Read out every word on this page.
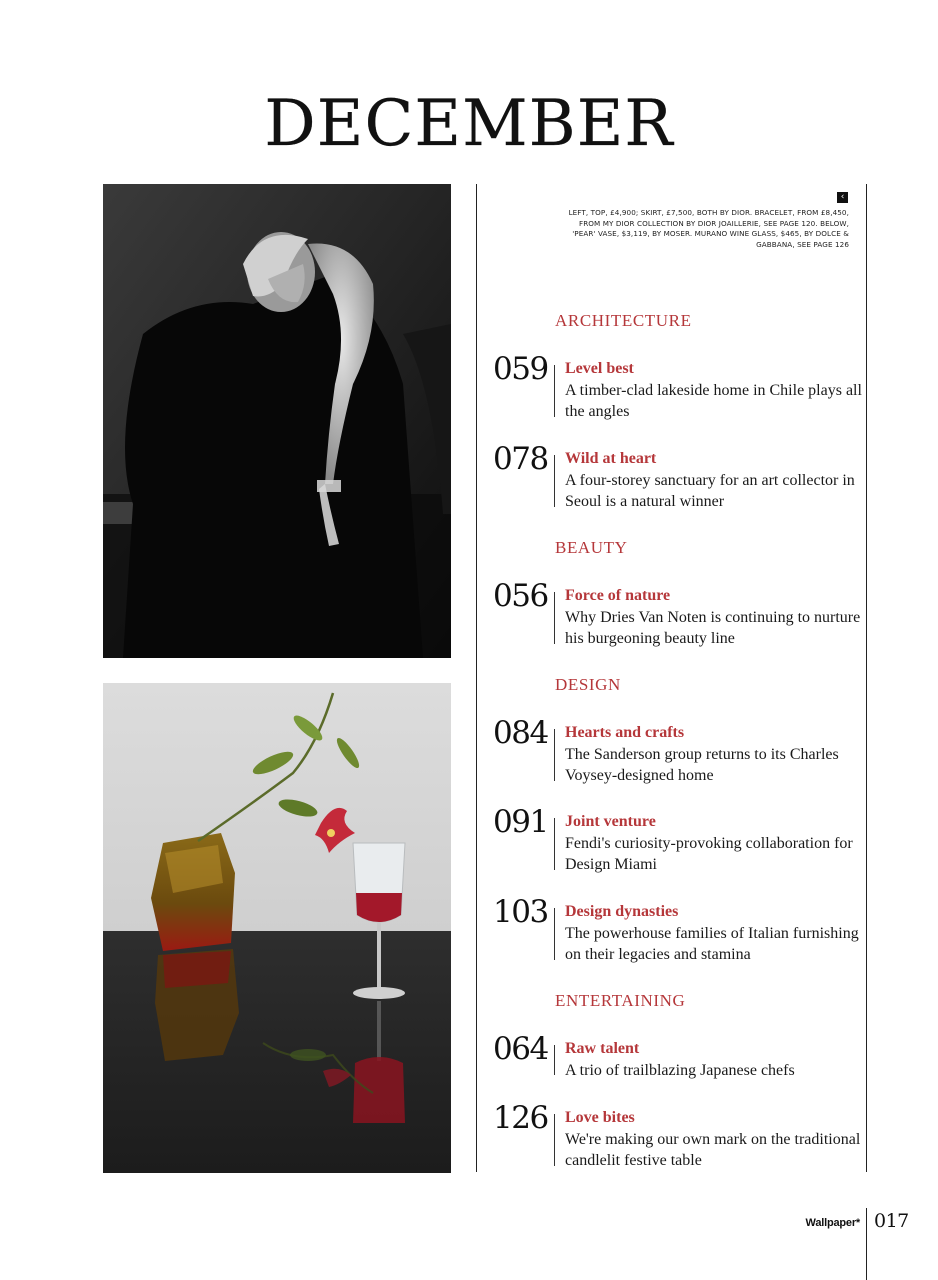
DECEMBER
‹

LEFT, TOP, £4,900; SKIRT, £7,500, BOTH BY DIOR. BRACELET, FROM £8,450, FROM MY DIOR COLLECTION BY DIOR JOAILLERIE, SEE PAGE 120. BELOW, 'PEAR' VASE, $3,119, BY MOSER. MURANO WINE GLASS, $465, BY DOLCE & GABBANA, SEE PAGE 126

ARCHITECTURE
059 Level best

A timber-clad lakeside home in Chile plays all the angles

078 Wild at heart

A four-storey sanctuary for an art collector in Seoul is a natural winner

BEAUTY
056 Force of nature

Why Dries Van Noten is continuing to nurture his burgeoning beauty line

DESIGN
084 Hearts and crafts

The Sanderson group returns to its Charles Voysey-designed home

091 Joint venture

Fendi's curiosity-provoking collaboration for Design Miami

103 Design dynasties

The powerhouse families of Italian furnishing on their legacies and stamina

ENTERTAINING
064 Raw talent

A trio of trailblazing Japanese chefs

126 Love bites

We're making our own mark on the traditional candlelit festive table

Wallpaper* 017
